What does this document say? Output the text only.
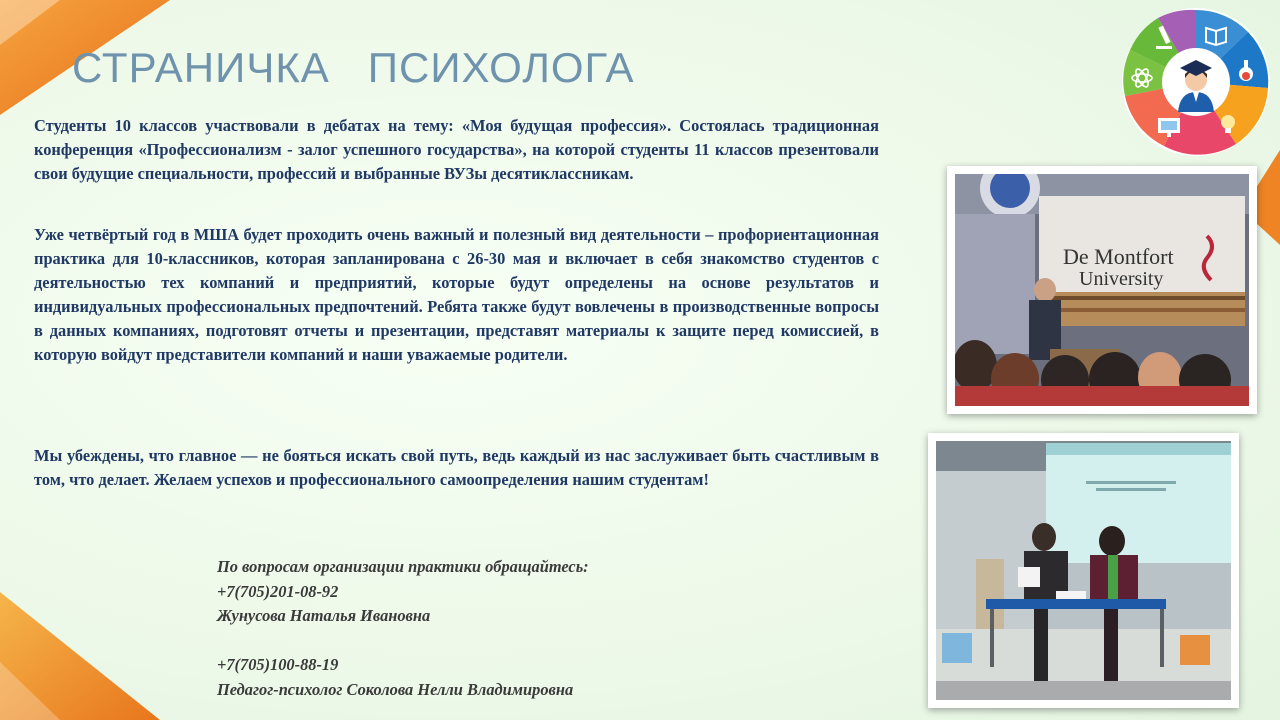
СТРАНИЧКА   ПСИХОЛОГА

Студенты 10 классов участвовали в дебатах на тему: «Моя будущая профессия». Состоялась традиционная конференция «Профессионализм - залог успешного государства», на которой студенты 11 классов презентовали свои будущие специальности, профессий и выбранные ВУЗы десятиклассникам.

Уже четвёртый год в МША будет проходить очень важный и полезный вид деятельности – профориентационная практика для 10-классников, которая запланирована с 26-30 мая и включает в себя знакомство студентов с деятельностью тех компаний и предприятий, которые будут определены на основе результатов и индивидуальных профессиональных предпочтений. Ребята также будут вовлечены в производственные вопросы в данных компаниях, подготовят отчеты и презентации, представят материалы к защите перед комиссией, в которую войдут представители компаний и наши уважаемые родители.

Мы убеждены, что главное — не бояться искать свой путь, ведь каждый из нас заслуживает быть счастливым в том, что делает. Желаем успехов и профессионального самоопределения нашим студентам!

По вопросам организации практики обращайтесь:
+7(705)201-08-92
Жунусова Наталья Ивановна
+7(705)100-88-19
Педагог-психолог Соколова Нелли Владимировна
De Montfort
University
